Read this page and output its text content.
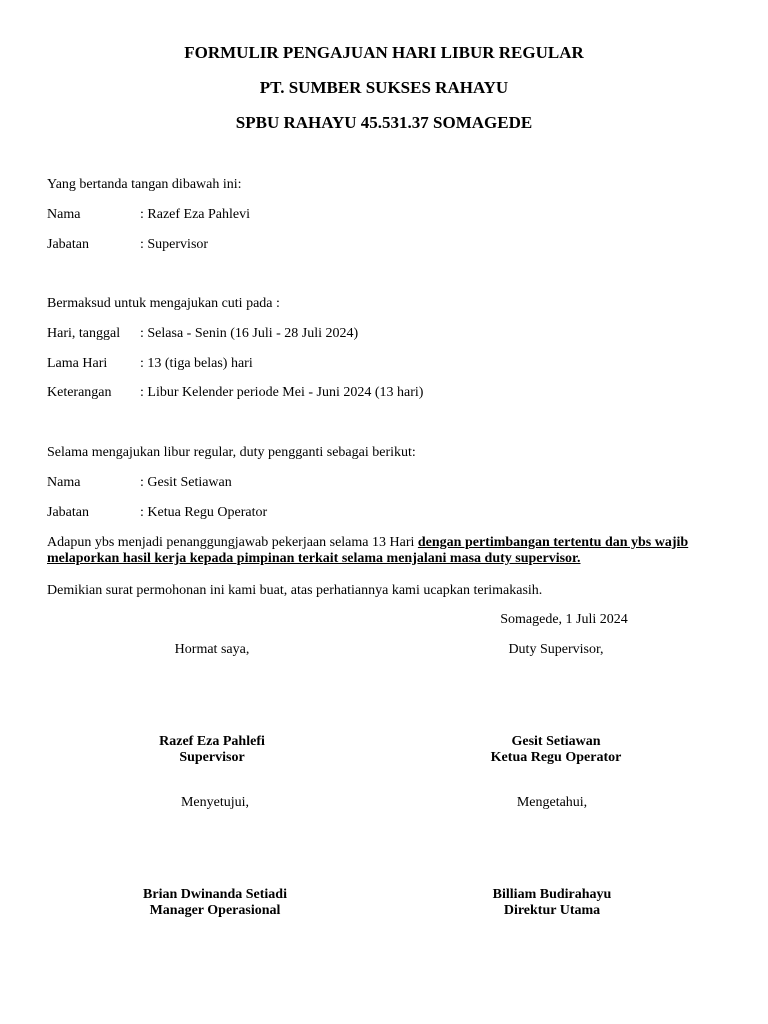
FORMULIR PENGAJUAN HARI LIBUR REGULAR
PT. SUMBER SUKSES RAHAYU
SPBU RAHAYU 45.531.37 SOMAGEDE

Yang bertanda tangan dibawah ini:

Nama	: Razef Eza Pahlevi

Jabatan	: Supervisor

Bermaksud untuk mengajukan cuti pada :

Hari, tanggal : Selasa - Senin (16 Juli - 28 Juli 2024)

Lama Hari : 13 (tiga belas) hari

Keterangan : Libur Kelender periode Mei - Juni 2024 (13 hari)

Selama mengajukan libur regular, duty pengganti sebagai berikut:

Nama	: Gesit Setiawan

Jabatan	: Ketua Regu Operator

Adapun ybs menjadi penanggungjawab pekerjaan selama 13 Hari dengan pertimbangan tertentu dan ybs wajib melaporkan hasil kerja kepada pimpinan terkait selama menjalani masa duty supervisor.

Demikian surat permohonan ini kami buat, atas perhatiannya kami ucapkan terimakasih.

Somagede, 1 Juli 2024

Hormat saya,	Duty Supervisor,

Razef Eza Pahlefi

Supervisor

Gesit Setiawan

Ketua Regu Operator

Menyetujui,	Mengetahui,

Brian Dwinanda Setiadi

Manager Operasional

Billiam Budirahayu

Direktur Utama
